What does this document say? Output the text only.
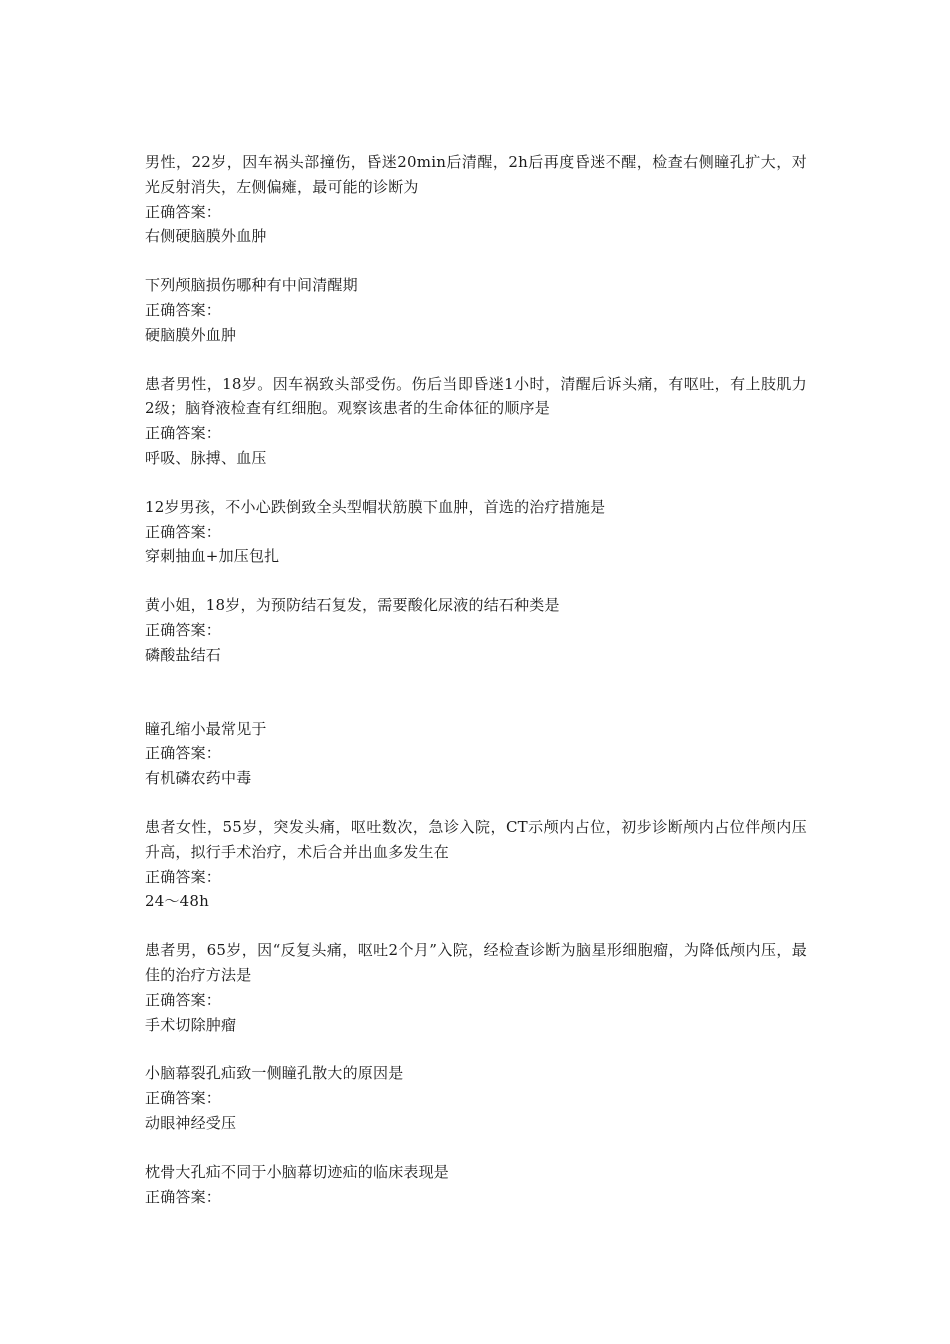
男性，22岁，因车祸头部撞伤，昏迷20min后清醒，2h后再度昏迷不醒，检查右侧瞳孔扩大，对光反射消失，左侧偏瘫，最可能的诊断为

正确答案：

右侧硬脑膜外血肿

下列颅脑损伤哪种有中间清醒期

正确答案：

硬脑膜外血肿

患者男性，18岁。因车祸致头部受伤。伤后当即昏迷1小时，清醒后诉头痛，有呕吐，有上肢肌力2级；脑脊液检查有红细胞。观察该患者的生命体征的顺序是

正确答案：

呼吸、脉搏、血压

12岁男孩，不小心跌倒致全头型帽状筋膜下血肿，首选的治疗措施是

正确答案：

穿刺抽血+加压包扎

黄小姐，18岁，为预防结石复发，需要酸化尿液的结石种类是

正确答案：

磷酸盐结石

瞳孔缩小最常见于

正确答案：

有机磷农药中毒

患者女性，55岁，突发头痛，呕吐数次，急诊入院，CT示颅内占位，初步诊断颅内占位伴颅内压升高，拟行手术治疗，术后合并出血多发生在

正确答案：

24～48h

患者男，65岁，因“反复头痛，呕吐2个月”入院，经检查诊断为脑星形细胞瘤，为降低颅内压，最佳的治疗方法是

正确答案：

手术切除肿瘤

小脑幕裂孔疝致一侧瞳孔散大的原因是

正确答案：

动眼神经受压

枕骨大孔疝不同于小脑幕切迹疝的临床表现是

正确答案：
